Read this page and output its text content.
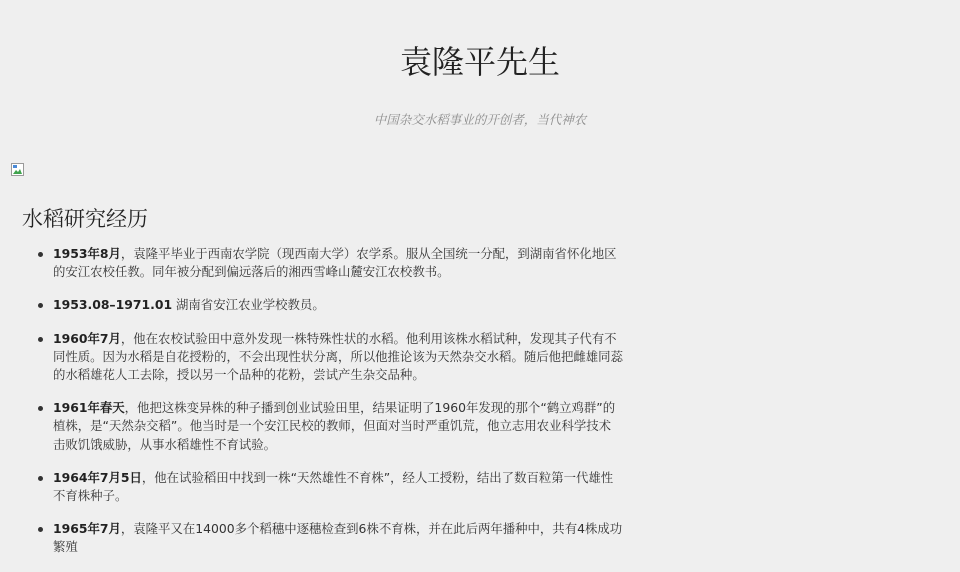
袁隆平先生

中国杂交水稻事业的开创者，当代神农

水稻研究经历
1953年8月，袁隆平毕业于西南农学院（现西南大学）农学系。服从全国统一分配，到湖南省怀化地区的安江农校任教。同年被分配到偏远落后的湘西雪峰山麓安江农校教书。
1953.08–1971.01 湖南省安江农业学校教员。
1960年7月，他在农校试验田中意外发现一株特殊性状的水稻。他利用该株水稻试种，发现其子代有不同性质。因为水稻是自花授粉的，不会出现性状分离，所以他推论该为天然杂交水稻。随后他把雌雄同蕊的水稻雄花人工去除，授以另一个品种的花粉，尝试产生杂交品种。
1961年春天，他把这株变异株的种子播到创业试验田里，结果证明了1960年发现的那个“鹤立鸡群”的植株，是“天然杂交稻”。他当时是一个安江民校的教师，但面对当时严重饥荒，他立志用农业科学技术击败饥饿威胁，从事水稻雄性不育试验。
1964年7月5日，他在试验稻田中找到一株“天然雄性不育株”，经人工授粉，结出了数百粒第一代雄性不育株种子。
1965年7月，袁隆平又在14000多个稻穗中逐穗检查到6株不育株，并在此后两年播种中，共有4株成功繁殖
